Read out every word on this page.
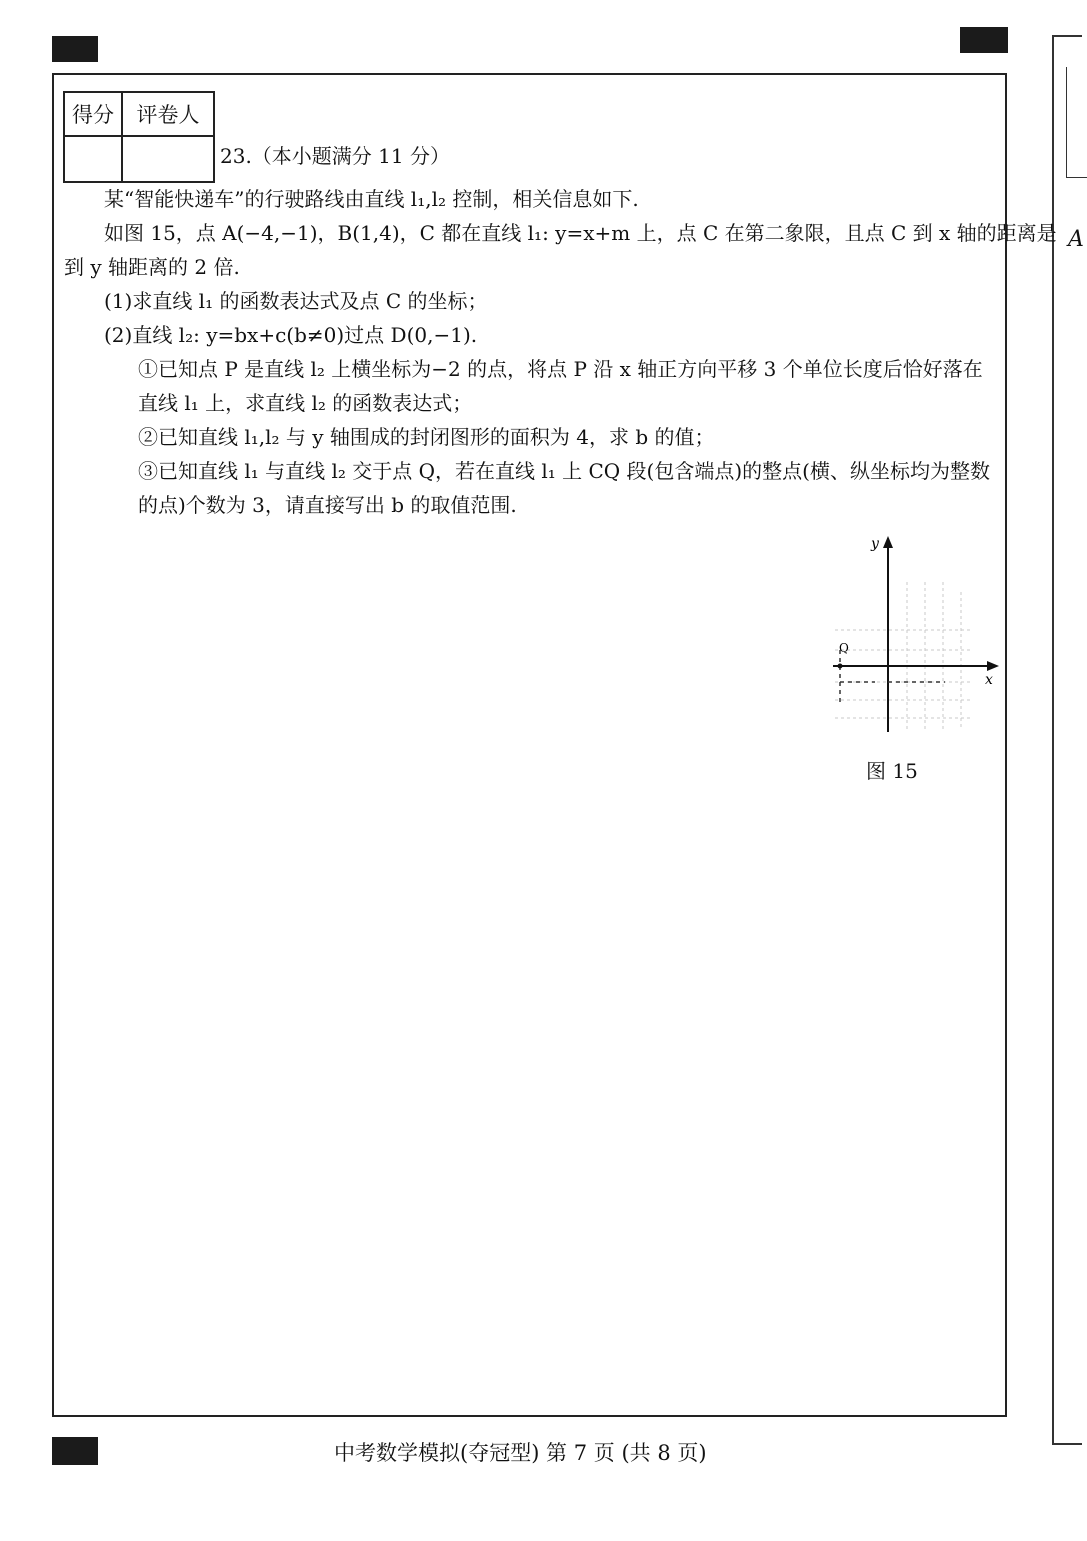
A
得分	评卷人

23.（本小题满分 11 分）
某“智能快递车”的行驶路线由直线 l₁,l₂ 控制，相关信息如下.
如图 15，点 A(−4,−1)，B(1,4)，C 都在直线 l₁: y=x+m 上，点 C 在第二象限，且点 C 到 x 轴的距离是
到 y 轴距离的 2 倍.
(1)求直线 l₁ 的函数表达式及点 C 的坐标；
(2)直线 l₂: y=bx+c(b≠0)过点 D(0,−1).
①已知点 P 是直线 l₂ 上横坐标为−2 的点，将点 P 沿 x 轴正方向平移 3 个单位长度后恰好落在
直线 l₁ 上，求直线 l₂ 的函数表达式；
②已知直线 l₁,l₂ 与 y 轴围成的封闭图形的面积为 4，求 b 的值；
③已知直线 l₁ 与直线 l₂ 交于点 Q，若在直线 l₁ 上 CQ 段(包含端点)的整点(横、纵坐标均为整数
的点)个数为 3，请直接写出 b 的取值范围.
Q
y
x
图 15
中考数学模拟(夺冠型) 第 7 页 (共 8 页)
